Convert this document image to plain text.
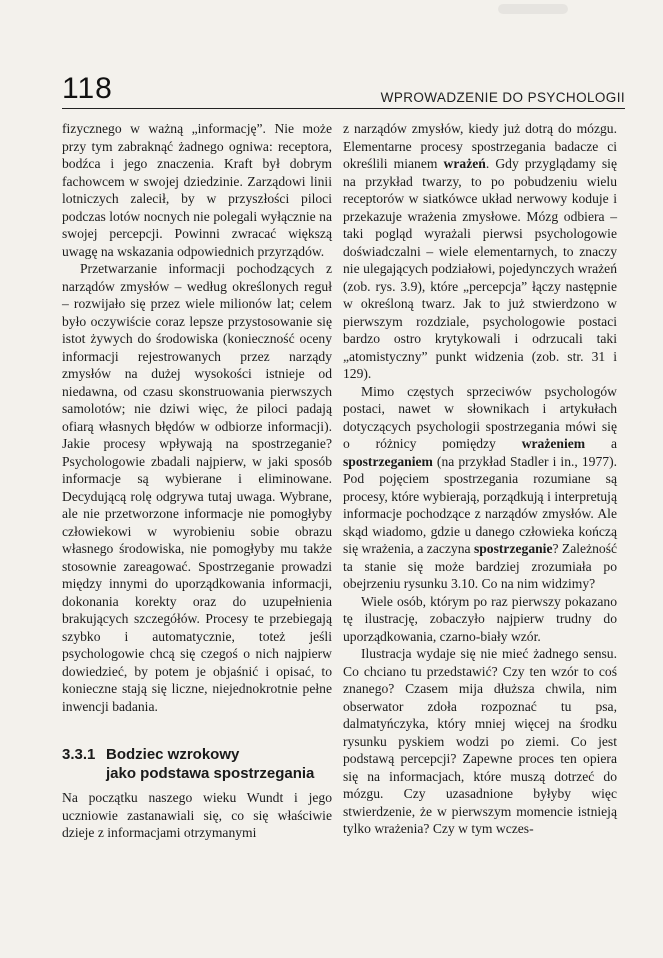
118	WPROWADZENIE DO PSYCHOLOGII

fizycznego w ważną „informację”. Nie może przy tym zabraknąć żadnego ogniwa: receptora, bodźca i jego znaczenia. Kraft był dobrym fachowcem w swojej dziedzinie. Zarządowi linii lotniczych zalecił, by w przyszłości piloci podczas lotów nocnych nie polegali wyłącznie na swojej percepcji. Powinni zwracać większą uwagę na wskazania odpowiednich przyrządów.

Przetwarzanie informacji pochodzących z narządów zmysłów – według określonych reguł – rozwijało się przez wiele milionów lat; celem było oczywiście coraz lepsze przystosowanie się istot żywych do środowiska (konieczność oceny informacji rejestrowanych przez narządy zmysłów na dużej wysokości istnieje od niedawna, od czasu skonstruowania pierwszych samolotów; nie dziwi więc, że piloci padają ofiarą własnych błędów w odbiorze informacji). Jakie procesy wpływają na spostrzeganie? Psychologowie zbadali najpierw, w jaki sposób informacje są wybierane i eliminowane. Decydującą rolę odgrywa tutaj uwaga. Wybrane, ale nie przetworzone informacje nie pomogłyby człowiekowi w wyrobieniu sobie obrazu własnego środowiska, nie pomogłyby mu także stosownie zareagować. Spostrzeganie prowadzi między innymi do uporządkowania informacji, dokonania korekty oraz do uzupełnienia brakujących szczegółów. Procesy te przebiegają szybko i automatycznie, toteż jeśli psychologowie chcą się czegoś o nich najpierw dowiedzieć, by potem je objaśnić i opisać, to konieczne stają się liczne, niejednokrotnie pełne inwencji badania.

3.3.1 Bodziec wzrokowy
jako podstawa spostrzegania

Na początku naszego wieku Wundt i jego uczniowie zastanawiali się, co się właściwie dzieje z informacjami otrzymanymi

z narządów zmysłów, kiedy już dotrą do mózgu. Elementarne procesy spostrzegania badacze ci określili mianem wrażeń. Gdy przyglądamy się na przykład twarzy, to po pobudzeniu wielu receptorów w siatkówce układ nerwowy koduje i przekazuje wrażenia zmysłowe. Mózg odbiera – taki pogląd wyrażali pierwsi psychologowie doświadczalni – wiele elementarnych, to znaczy nie ulegających podziałowi, pojedynczych wrażeń (zob. rys. 3.9), które „percepcja” łączy następnie w określoną twarz. Jak to już stwierdzono w pierwszym rozdziale, psychologowie postaci bardzo ostro krytykowali i odrzucali taki „atomistyczny” punkt widzenia (zob. str. 31 i 129).

Mimo częstych sprzeciwów psychologów postaci, nawet w słownikach i artykułach dotyczących psychologii spostrzegania mówi się o różnicy pomiędzy wrażeniem a spostrzeganiem (na przykład Stadler i in., 1977). Pod pojęciem spostrzegania rozumiane są procesy, które wybierają, porządkują i interpretują informacje pochodzące z narządów zmysłów. Ale skąd wiadomo, gdzie u danego człowieka kończą się wrażenia, a zaczyna spostrzeganie? Zależność ta stanie się może bardziej zrozumiała po obejrzeniu rysunku 3.10. Co na nim widzimy?

Wiele osób, którym po raz pierwszy pokazano tę ilustrację, zobaczyło najpierw trudny do uporządkowania, czarno-biały wzór.

Ilustracja wydaje się nie mieć żadnego sensu. Co chciano tu przedstawić? Czy ten wzór to coś znanego? Czasem mija dłuższa chwila, nim obserwator zdoła rozpoznać tu psa, dalmatyńczyka, który mniej więcej na środku rysunku pyskiem wodzi po ziemi. Co jest podstawą percepcji? Zapewne proces ten opiera się na informacjach, które muszą dotrzeć do mózgu. Czy uzasadnione byłyby więc stwierdzenie, że w pierwszym momencie istnieją tylko wrażenia? Czy w tym wczes-
